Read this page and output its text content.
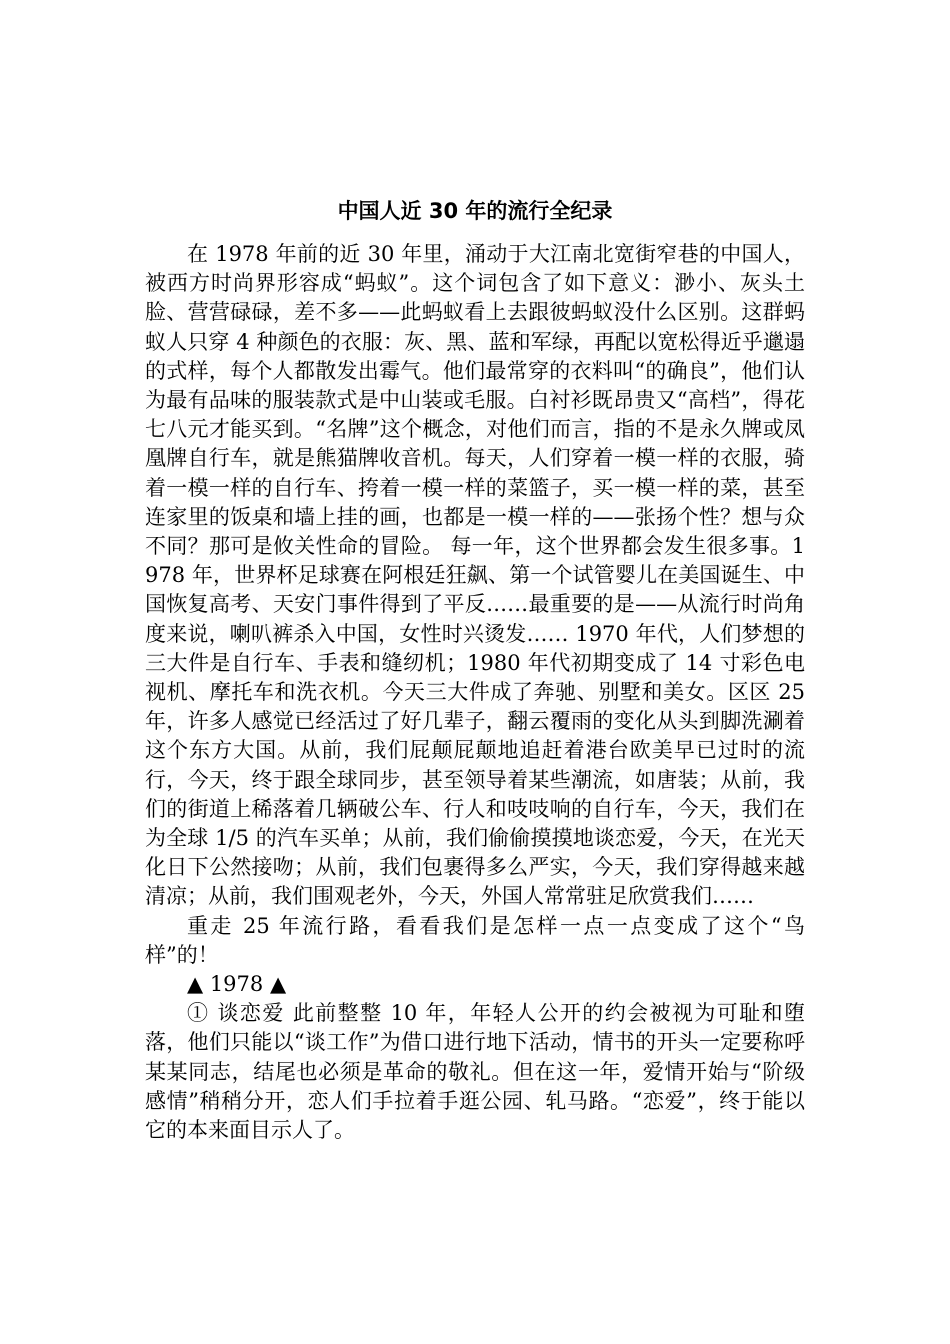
中国人近 30 年的流行全纪录

在 1978 年前的近 30 年里，涌动于大江南北宽街窄巷的中国人，被西方时尚界形容成“蚂蚁”。这个词包含了如下意义：渺小、灰头土脸、营营碌碌，差不多——此蚂蚁看上去跟彼蚂蚁没什么区别。这群蚂蚁人只穿 4 种颜色的衣服：灰、黑、蓝和军绿，再配以宽松得近乎邋遢的式样，每个人都散发出霉气。他们最常穿的衣料叫“的确良”，他们认为最有品味的服装款式是中山装或毛服。白衬衫既昂贵又“高档”，得花七八元才能买到。“名牌”这个概念，对他们而言，指的不是永久牌或凤凰牌自行车，就是熊猫牌收音机。每天，人们穿着一模一样的衣服，骑着一模一样的自行车、挎着一模一样的菜篮子，买一模一样的菜，甚至连家里的饭桌和墙上挂的画，也都是一模一样的——张扬个性？想与众不同？那可是攸关性命的冒险。 每一年，这个世界都会发生很多事。1978 年，世界杯足球赛在阿根廷狂飙、第一个试管婴儿在美国诞生、中国恢复高考、天安门事件得到了平反……最重要的是——从流行时尚角度来说，喇叭裤杀入中国，女性时兴烫发…… 1970 年代，人们梦想的三大件是自行车、手表和缝纫机；1980 年代初期变成了 14 寸彩色电视机、摩托车和洗衣机。今天三大件成了奔驰、别墅和美女。区区 25 年，许多人感觉已经活过了好几辈子，翻云覆雨的变化从头到脚洗涮着这个东方大国。从前，我们屁颠屁颠地追赶着港台欧美早已过时的流行，今天，终于跟全球同步，甚至领导着某些潮流，如唐装；从前，我们的街道上稀落着几辆破公车、行人和吱吱响的自行车，今天，我们在为全球 1/5 的汽车买单；从前，我们偷偷摸摸地谈恋爱，今天，在光天化日下公然接吻；从前，我们包裹得多么严实，今天，我们穿得越来越清凉；从前，我们围观老外，今天，外国人常常驻足欣赏我们……

重走 25 年流行路，看看我们是怎样一点一点变成了这个“鸟样”的！

▲ 1978 ▲

① 谈恋爱 此前整整 10 年，年轻人公开的约会被视为可耻和堕落，他们只能以“谈工作”为借口进行地下活动，情书的开头一定要称呼某某同志，结尾也必须是革命的敬礼。但在这一年，爱情开始与“阶级感情”稍稍分开，恋人们手拉着手逛公园、轧马路。“恋爱”，终于能以它的本来面目示人了。
